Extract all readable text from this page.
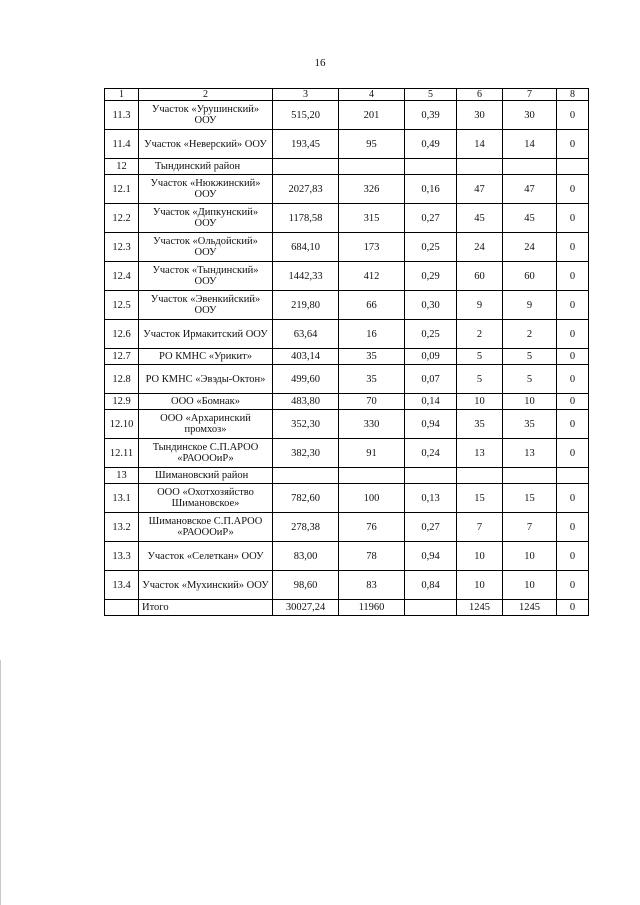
16
1	2	3	4	5	6	7	8
11.3	Участок «Урушинский» ООУ	515,20	201	0,39	30	30	0
11.4	Участок «Неверский» ООУ	193,45	95	0,49	14	14	0
12	Тындинский район						
12.1	Участок «Нюкжинский» ООУ	2027,83	326	0,16	47	47	0
12.2	Участок «Дипкунский» ООУ	1178,58	315	0,27	45	45	0
12.3	Участок «Ольдойский» ООУ	684,10	173	0,25	24	24	0
12.4	Участок «Тындинский» ООУ	1442,33	412	0,29	60	60	0
12.5	Участок «Эвенкийский» ООУ	219,80	66	0,30	9	9	0
12.6	Участок Ирмакитский ООУ	63,64	16	0,25	2	2	0
12.7	РО КМНС «Урикит»	403,14	35	0,09	5	5	0
12.8	РО КМНС «Эвэды-Октон»	499,60	35	0,07	5	5	0
12.9	ООО «Бомнак»	483,80	70	0,14	10	10	0
12.10	ООО «Архаринский промхоз»	352,30	330	0,94	35	35	0
12.11	Тындинское С.П.АРОО «РАОООиР»	382,30	91	0,24	13	13	0
13	Шимановский район						
13.1	ООО «Охотхозяйство Шимановское»	782,60	100	0,13	15	15	0
13.2	Шимановское С.П.АРОО «РАОООиР»	278,38	76	0,27	7	7	0
13.3	Участок «Селеткан» ООУ	83,00	78	0,94	10	10	0
13.4	Участок «Мухинский» ООУ	98,60	83	0,84	10	10	0
	Итого	30027,24	11960		1245	1245	0
